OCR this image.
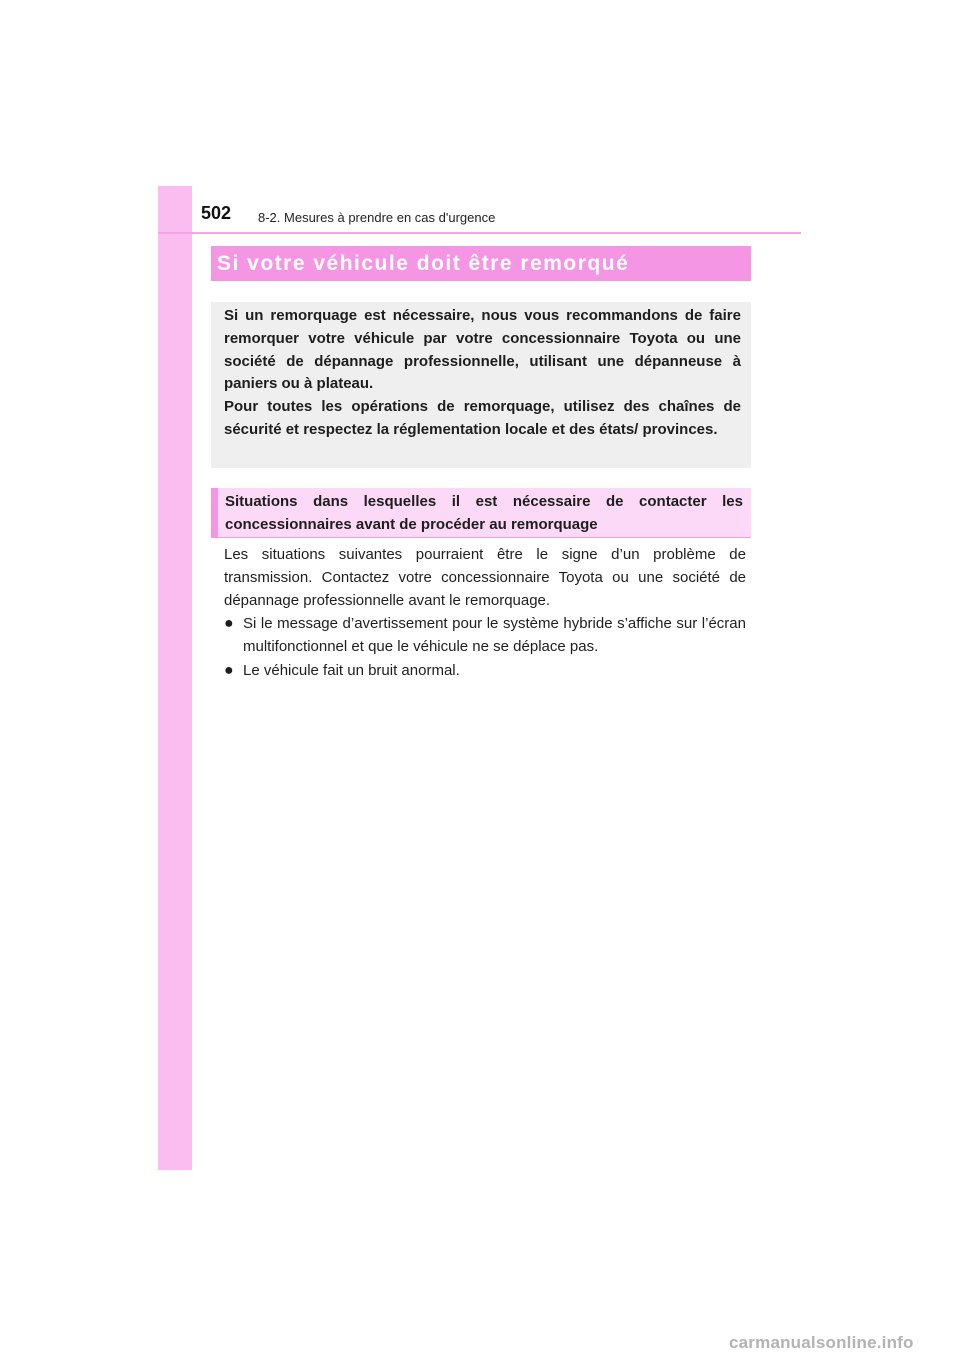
502 8-2. Mesures à prendre en cas d'urgence
Si votre véhicule doit être remorqué

Si un remorquage est nécessaire, nous vous recommandons de faire remorquer votre véhicule par votre concessionnaire Toyota ou une société de dépannage professionnelle, utilisant une dépanneuse à paniers ou à plateau.

Pour toutes les opérations de remorquage, utilisez des chaînes de sécurité et respectez la réglementation locale et des états/ provinces.

Situations dans lesquelles il est nécessaire de contacter les concessionnaires avant de procéder au remorquage

Les situations suivantes pourraient être le signe d’un problème de transmission. Contactez votre concessionnaire Toyota ou une société de dépannage professionnelle avant le remorquage.

● Si le message d’avertissement pour le système hybride s’affiche sur l’écran multifonctionnel et que le véhicule ne se déplace pas.
● Le véhicule fait un bruit anormal.
carmanualsonline.info
